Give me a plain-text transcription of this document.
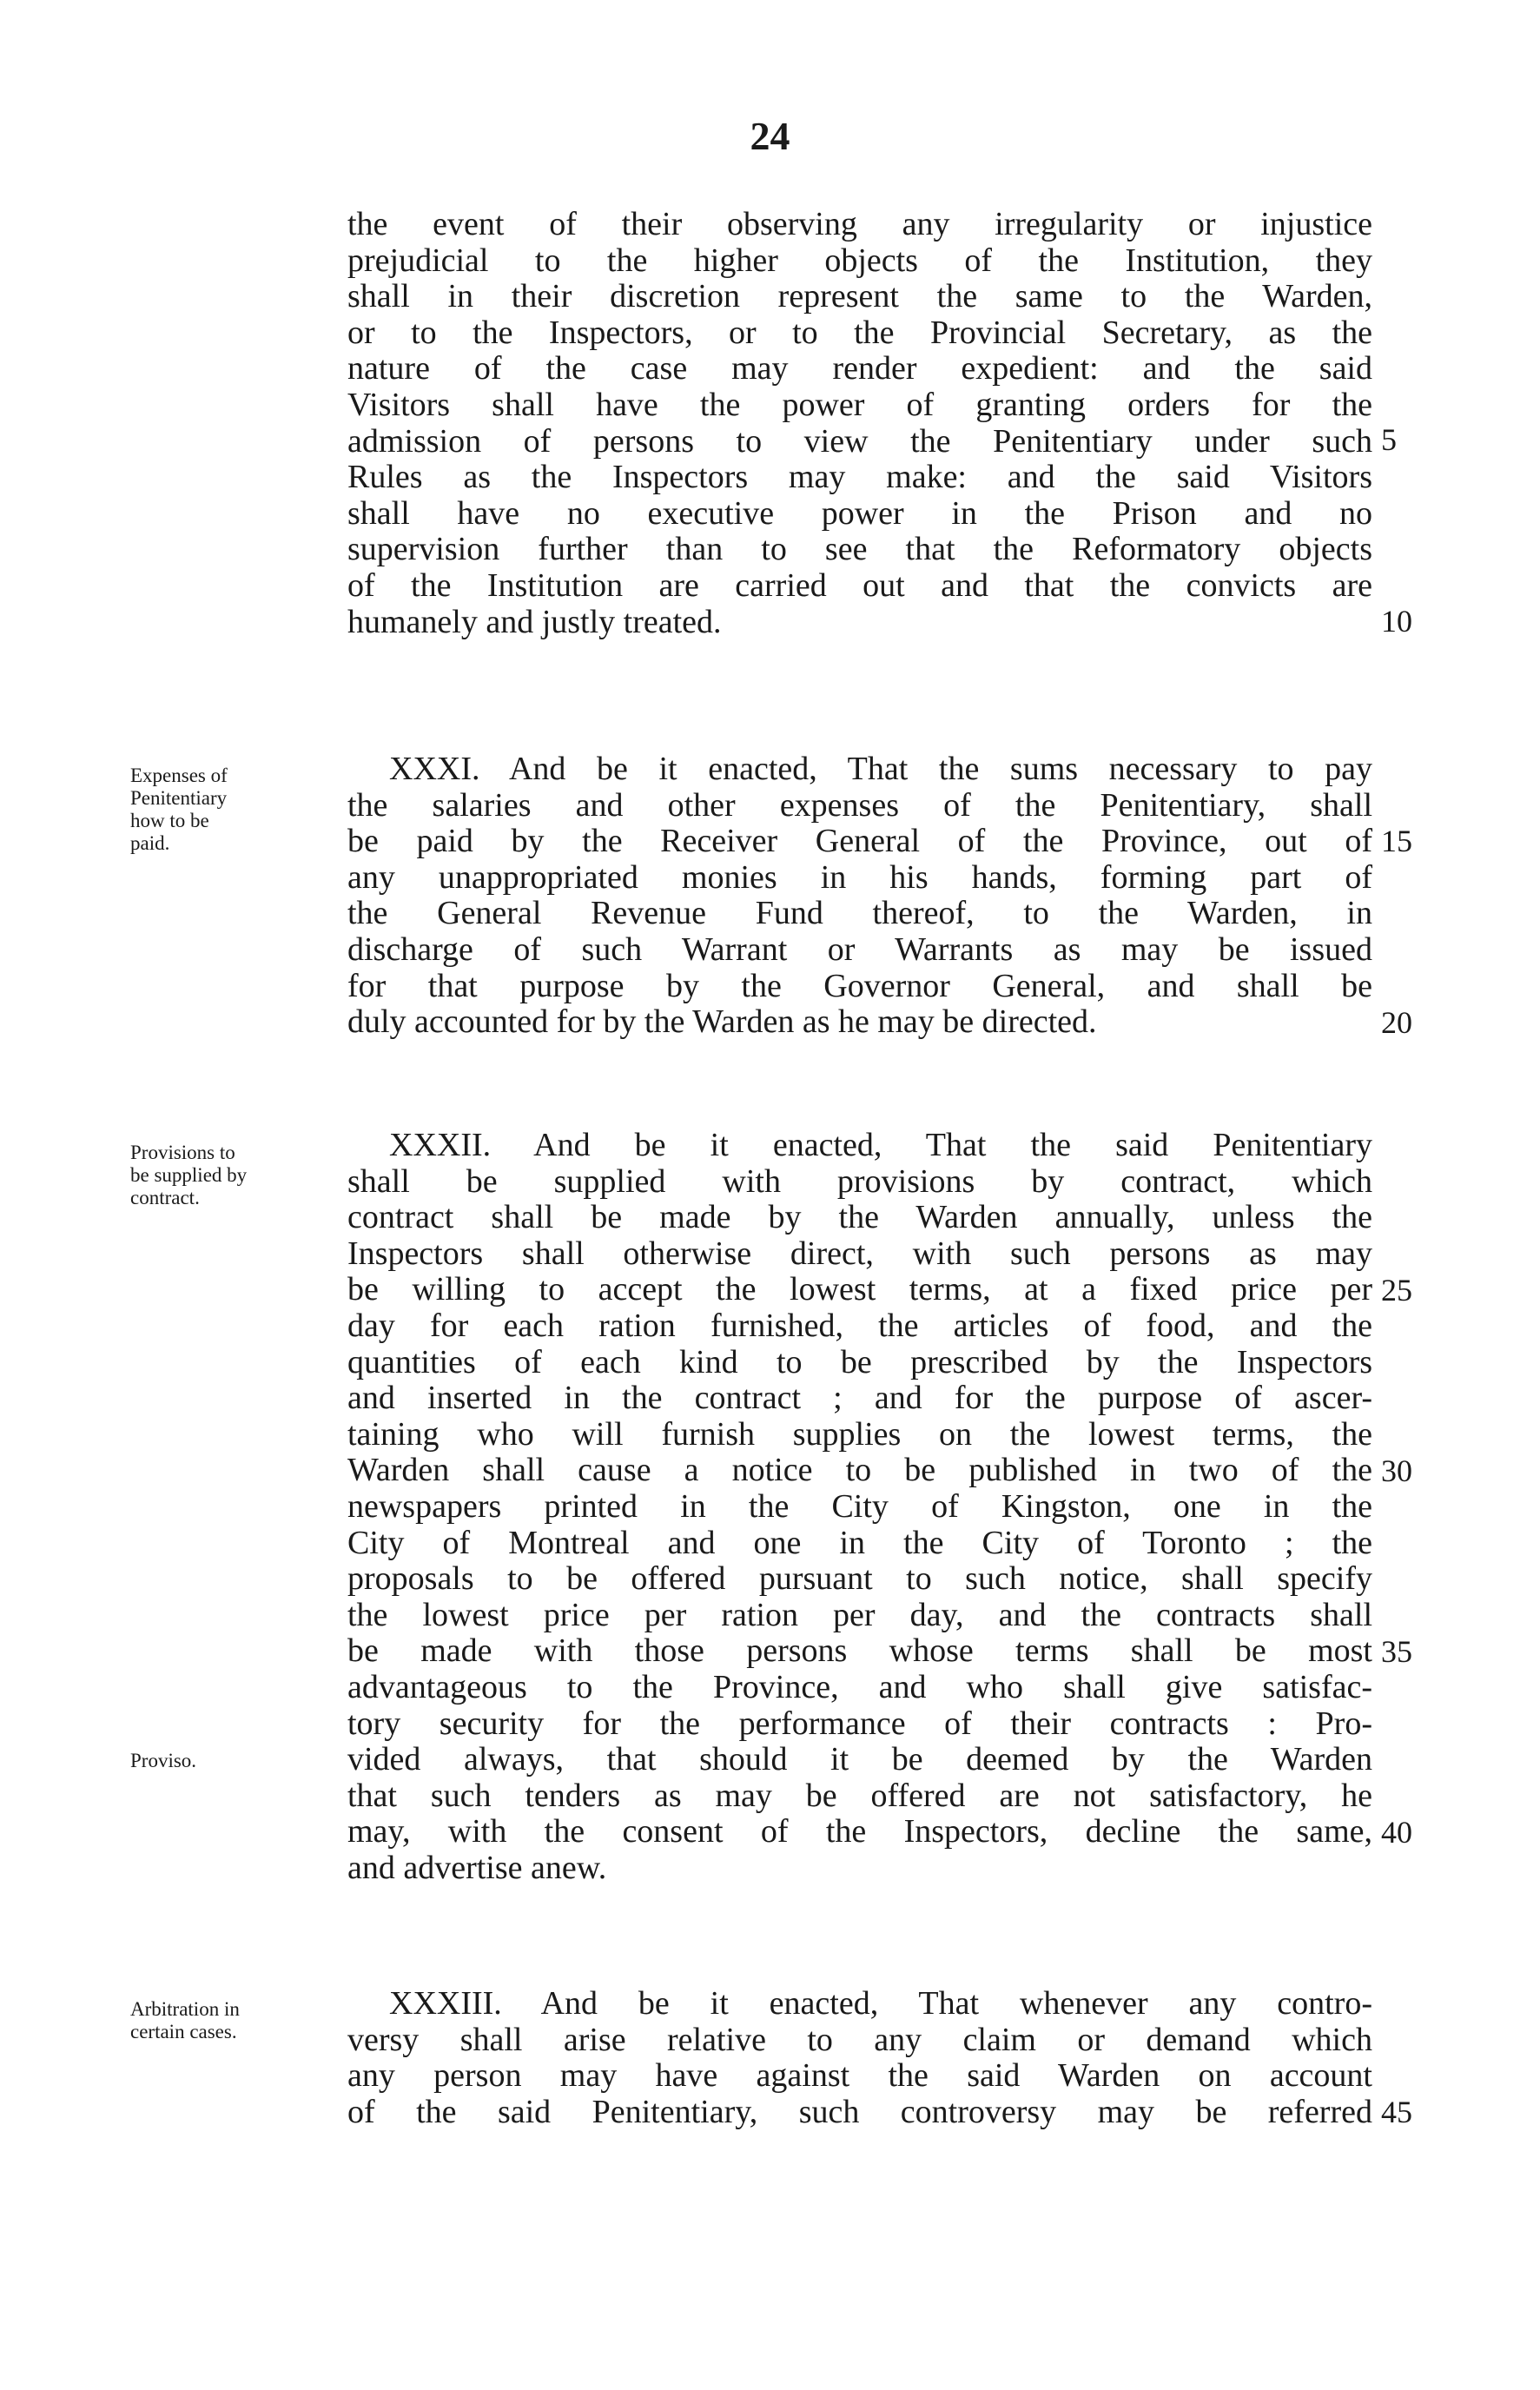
24
the event of their observing any irregularity or injustice
prejudicial to the higher objects of the Institution, they
shall in their discretion represent the same to the Warden,
or to the Inspectors, or to the Provincial Secretary, as the
nature of the case may render expedient: and the said
Visitors shall have the power of granting orders for the
admission of persons to view the Penitentiary under such
Rules as the Inspectors may make: and the said Visitors
shall have no executive power in the Prison and no
supervision further than to see that the Reformatory objects
of the Institution are carried out and that the convicts are
humanely and justly treated.
XXXI. And be it enacted, That the sums necessary to pay
the salaries and other expenses of the Penitentiary, shall
be paid by the Receiver General of the Province, out of
any unappropriated monies in his hands, forming part of
the General Revenue Fund thereof, to the Warden, in
discharge of such Warrant or Warrants as may be issued
for that purpose by the Governor General, and shall be
duly accounted for by the Warden as he may be directed.
XXXII. And be it enacted, That the said Penitentiary
shall be supplied with provisions by contract, which
contract shall be made by the Warden annually, unless the
Inspectors shall otherwise direct, with such persons as may
be willing to accept the lowest terms, at a fixed price per
day for each ration furnished, the articles of food, and the
quantities of each kind to be prescribed by the Inspectors
and inserted in the contract ; and for the purpose of ascer-
taining who will furnish supplies on the lowest terms, the
Warden shall cause a notice to be published in two of the
newspapers printed in the City of Kingston, one in the
City of Montreal and one in the City of Toronto ; the
proposals to be offered pursuant to such notice, shall specify
the lowest price per ration per day, and the contracts shall
be made with those persons whose terms shall be most
advantageous to the Province, and who shall give satisfac-
tory security for the performance of their contracts : Pro-
vided always, that should it be deemed by the Warden
that such tenders as may be offered are not satisfactory, he
may, with the consent of the Inspectors, decline the same,
and advertise anew.
XXXIII. And be it enacted, That whenever any contro-
versy shall arise relative to any claim or demand which
any person may have against the said Warden on account
of the said Penitentiary, such controversy may be referred
5
10
15
20
25
30
35
40
45
Expenses of
Penitentiary
how to be
paid.
Provisions to
be supplied by
contract.
Proviso.
Arbitration in
certain cases.
